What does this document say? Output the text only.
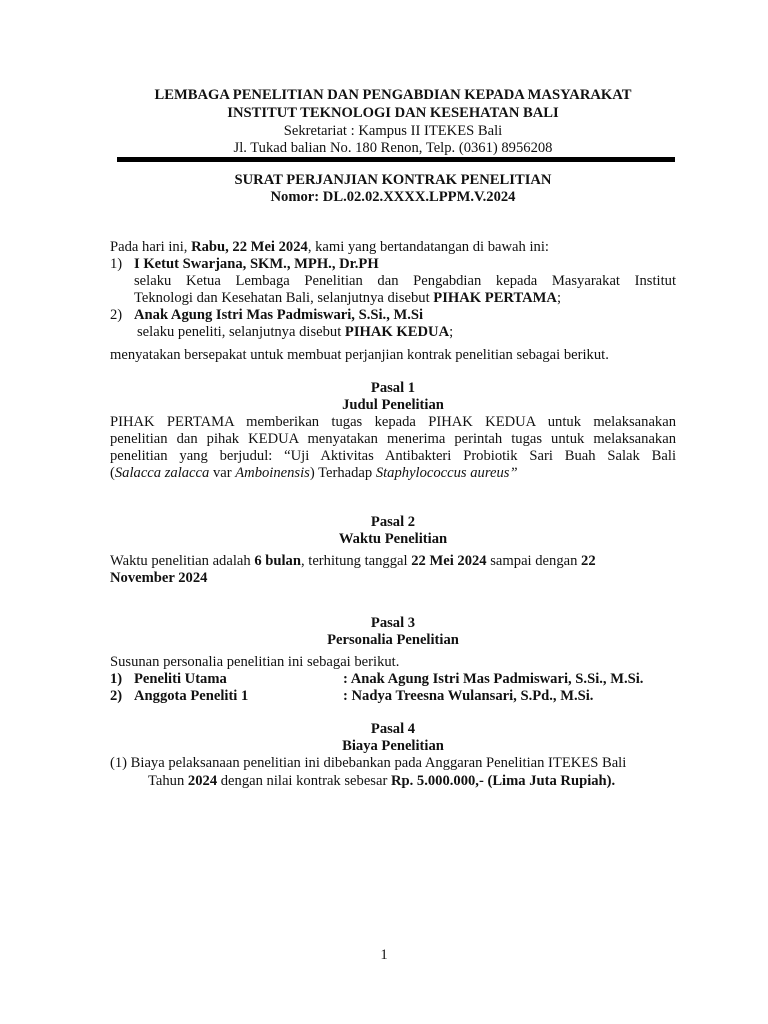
LEMBAGA PENELITIAN DAN PENGABDIAN KEPADA MASYARAKAT
INSTITUT TEKNOLOGI DAN KESEHATAN BALI
Sekretariat : Kampus II ITEKES Bali
Jl. Tukad balian No. 180 Renon, Telp. (0361) 8956208
SURAT PERJANJIAN KONTRAK PENELITIAN
Nomor: DL.02.02.XXXX.LPPM.V.2024
Pada hari ini, Rabu, 22 Mei 2024, kami yang bertandatangan di bawah ini:
1) I Ketut Swarjana, SKM., MPH., Dr.PH
selaku Ketua Lembaga Penelitian dan Pengabdian kepada Masyarakat Institut
Teknologi dan Kesehatan Bali, selanjutnya disebut PIHAK PERTAMA;
2) Anak Agung Istri Mas Padmiswari, S.Si., M.Si
selaku peneliti, selanjutnya disebut PIHAK KEDUA;
menyatakan bersepakat untuk membuat perjanjian kontrak penelitian sebagai berikut.
Pasal 1
Judul Penelitian
PIHAK PERTAMA memberikan tugas kepada PIHAK KEDUA untuk melaksanakan
penelitian dan pihak KEDUA menyatakan menerima perintah tugas untuk melaksanakan
penelitian yang berjudul: “Uji Aktivitas Antibakteri Probiotik Sari Buah Salak Bali
(Salacca zalacca var Amboinensis) Terhadap Staphylococcus aureus”
Pasal 2
Waktu Penelitian
Waktu penelitian adalah 6 bulan, terhitung tanggal 22 Mei 2024 sampai dengan 22
November 2024
Pasal 3
Personalia Penelitian
Susunan personalia penelitian ini sebagai berikut.
1) Peneliti Utama	: Anak Agung Istri Mas Padmiswari, S.Si., M.Si.
2) Anggota Peneliti 1	: Nadya Treesna Wulansari, S.Pd., M.Si.
Pasal 4
Biaya Penelitian
(1) Biaya pelaksanaan penelitian ini dibebankan pada Anggaran Penelitian ITEKES Bali
Tahun 2024 dengan nilai kontrak sebesar Rp. 5.000.000,- (Lima Juta Rupiah).
1
